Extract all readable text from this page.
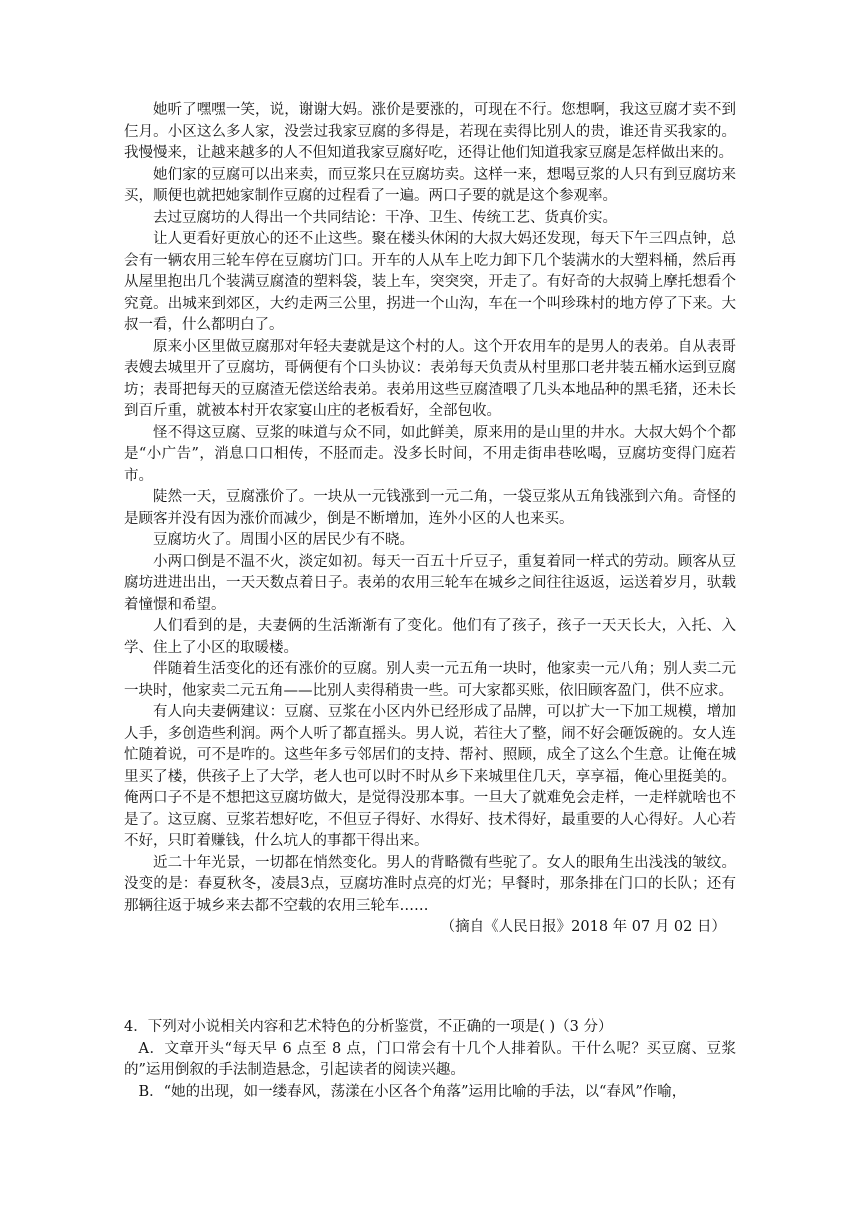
她听了嘿嘿一笑，说，谢谢大妈。涨价是要涨的，可现在不行。您想啊，我这豆腐才卖不到仨月。小区这么多人家，没尝过我家豆腐的多得是，若现在卖得比别人的贵，谁还肯买我家的。我慢慢来，让越来越多的人不但知道我家豆腐好吃，还得让他们知道我家豆腐是怎样做出来的。

她们家的豆腐可以出来卖，而豆浆只在豆腐坊卖。这样一来，想喝豆浆的人只有到豆腐坊来买，顺便也就把她家制作豆腐的过程看了一遍。两口子要的就是这个参观率。

去过豆腐坊的人得出一个共同结论：干净、卫生、传统工艺、货真价实。

让人更看好更放心的还不止这些。聚在楼头休闲的大叔大妈还发现，每天下午三四点钟，总会有一辆农用三轮车停在豆腐坊门口。开车的人从车上吃力卸下几个装满水的大塑料桶，然后再从屋里抱出几个装满豆腐渣的塑料袋，装上车，突突突，开走了。有好奇的大叔骑上摩托想看个究竟。出城来到郊区，大约走两三公里，拐进一个山沟，车在一个叫珍珠村的地方停了下来。大叔一看，什么都明白了。

原来小区里做豆腐那对年轻夫妻就是这个村的人。这个开农用车的是男人的表弟。自从表哥表嫂去城里开了豆腐坊，哥俩便有个口头协议：表弟每天负责从村里那口老井装五桶水运到豆腐坊；表哥把每天的豆腐渣无偿送给表弟。表弟用这些豆腐渣喂了几头本地品种的黑毛猪，还未长到百斤重，就被本村开农家宴山庄的老板看好，全部包收。

怪不得这豆腐、豆浆的味道与众不同，如此鲜美，原来用的是山里的井水。大叔大妈个个都是“小广告”，消息口口相传，不胫而走。没多长时间，不用走街串巷吆喝，豆腐坊变得门庭若市。

陡然一天，豆腐涨价了。一块从一元钱涨到一元二角，一袋豆浆从五角钱涨到六角。奇怪的是顾客并没有因为涨价而减少，倒是不断增加，连外小区的人也来买。

豆腐坊火了。周围小区的居民少有不晓。

小两口倒是不温不火，淡定如初。每天一百五十斤豆子，重复着同一样式的劳动。顾客从豆腐坊进进出出，一天天数点着日子。表弟的农用三轮车在城乡之间往往返返，运送着岁月，驮载着憧憬和希望。

人们看到的是，夫妻俩的生活渐渐有了变化。他们有了孩子，孩子一天天长大，入托、入学、住上了小区的取暖楼。

伴随着生活变化的还有涨价的豆腐。别人卖一元五角一块时，他家卖一元八角；别人卖二元一块时，他家卖二元五角——比别人卖得稍贵一些。可大家都买账，依旧顾客盈门，供不应求。

有人向夫妻俩建议：豆腐、豆浆在小区内外已经形成了品牌，可以扩大一下加工规模，增加人手，多创造些利润。两个人听了都直摇头。男人说，若往大了整，闹不好会砸饭碗的。女人连忙随着说，可不是咋的。这些年多亏邻居们的支持、帮衬、照顾，成全了这么个生意。让俺在城里买了楼，供孩子上了大学，老人也可以时不时从乡下来城里住几天，享享福，俺心里挺美的。俺两口子不是不想把这豆腐坊做大，是觉得没那本事。一旦大了就难免会走样，一走样就啥也不是了。这豆腐、豆浆若想好吃，不但豆子得好、水得好、技术得好，最重要的人心得好。人心若不好，只盯着赚钱，什么坑人的事都干得出来。

近二十年光景，一切都在悄然变化。男人的背略微有些驼了。女人的眼角生出浅浅的皱纹。没变的是：春夏秋冬，凌晨3点，豆腐坊准时点亮的灯光；早餐时，那条排在门口的长队；还有那辆往返于城乡来去都不空载的农用三轮车……

（摘自《人民日报》2018 年 07 月 02 日）

4．下列对小说相关内容和艺术特色的分析鉴赏，不正确的一项是( )（3 分）

A．文章开头“每天早 6 点至 8 点，门口常会有十几个人排着队。干什么呢？买豆腐、豆浆的”运用倒叙的手法制造悬念，引起读者的阅读兴趣。

B．“她的出现，如一缕春风，荡漾在小区各个角落”运用比喻的手法，以“春风”作喻，
